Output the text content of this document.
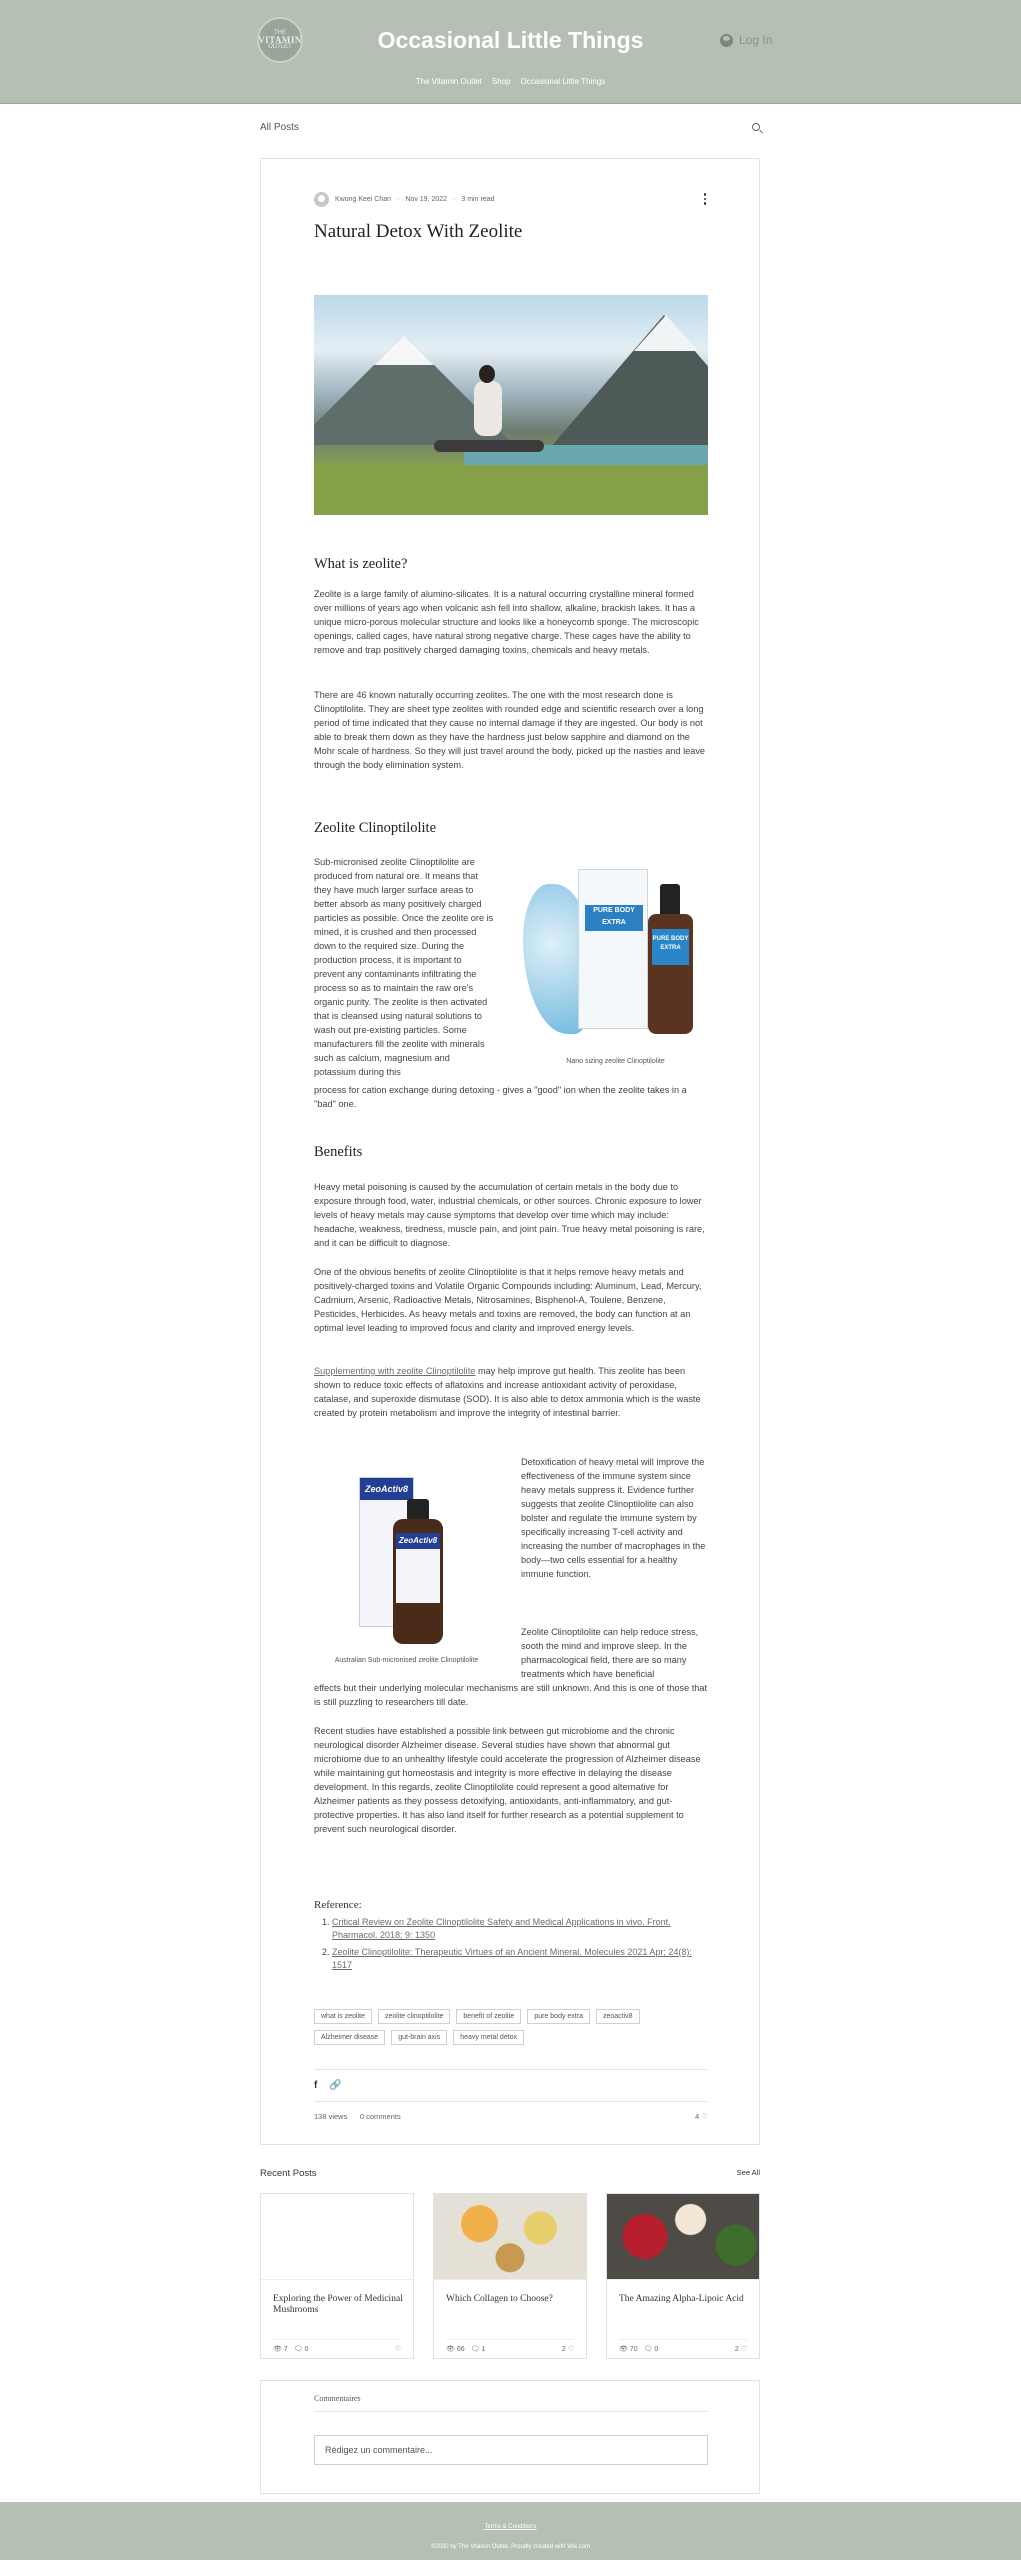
THE
VITAMIN
OUTLET	Occasional Little Things	Log In
The Vitamin Outlet Shop Occasional Little Things
All Posts
Kwong Keei Chan · Nov 19, 2022 · 3 min read
Natural Detox With Zeolite
What is zeolite?

Zeolite is a large family of alumino-silicates. It is a natural occurring crystalline mineral formed over millions of years ago when volcanic ash fell into shallow, alkaline, brackish lakes. It has a unique micro-porous molecular structure and looks like a honeycomb sponge. The microscopic openings, called cages, have natural strong negative charge. These cages have the ability to remove and trap positively charged damaging toxins, chemicals and heavy metals.

There are 46 known naturally occurring zeolites. The one with the most research done is Clinoptilolite. They are sheet type zeolites with rounded edge and scientific research over a long period of time indicated that they cause no internal damage if they are ingested. Our body is not able to break them down as they have the hardness just below sapphire and diamond on the Mohr scale of hardness. So they will just travel around the body, picked up the nasties and leave through the body elimination system.

Zeolite Clinoptilolite

Sub-micronised zeolite Clinoptilolite are produced from natural ore. It means that they have much larger surface areas to better absorb as many positively charged particles as possible. Once the zeolite ore is mined, it is crushed and then processed down to the required size. During the production process, it is important to prevent any contaminants infiltrating the process so as to maintain the raw ore's organic purity. The zeolite is then activated that is cleansed using natural solutions to wash out pre-existing particles. Some manufacturers fill the zeolite with minerals such as calcium, magnesium and potassium during this

process for cation exchange during detoxing - gives a "good" ion when the zeolite takes in a "bad" one.

PURE BODY EXTRA
PURE BODY EXTRA
Nano sizing zeolite Clinoptilolite
Benefits

Heavy metal poisoning is caused by the accumulation of certain metals in the body due to exposure through food, water, industrial chemicals, or other sources. Chronic exposure to lower levels of heavy metals may cause symptoms that develop over time which may include: headache, weakness, tiredness, muscle pain, and joint pain. True heavy metal poisoning is rare, and it can be difficult to diagnose.

One of the obvious benefits of zeolite Clinoptilolite is that it helps remove heavy metals and positively-charged toxins and Volatile Organic Compounds including: Aluminum, Lead, Mercury, Cadmium, Arsenic, Radioactive Metals, Nitrosamines, Bisphenol-A, Toulene, Benzene, Pesticides, Herbicides. As heavy metals and toxins are removed, the body can function at an optimal level leading to improved focus and clarity and improved energy levels.

Supplementing with zeolite Clinoptilolite may help improve gut health. This zeolite has been shown to reduce toxic effects of aflatoxins and increase antioxidant activity of peroxidase, catalase, and superoxide dismutase (SOD). It is also able to detox ammonia which is the waste created by protein metabolism and improve the integrity of intestinal barrier.

ZeoActiv8
ZeoActiv8
Australian Sub-micronised zeolite Clinoptilolite

Detoxification of heavy metal will improve the effectiveness of the immune system since heavy metals suppress it. Evidence further suggests that zeolite Clinoptilolite can also bolster and regulate the immune system by specifically increasing T-cell activity and increasing the number of macrophages in the body—two cells essential for a healthy immune function.

Zeolite Clinoptilolite can help reduce stress, sooth the mind and improve sleep. In the pharmacological field, there are so many treatments which have beneficial

effects but their underlying molecular mechanisms are still unknown. And this is one of those that is still puzzling to researchers till date.

Recent studies have established a possible link between gut microbiome and the chronic neurological disorder Alzheimer disease. Several studies have shown that abnormal gut microbiome due to an unhealthy lifestyle could accelerate the progression of Alzheimer disease while maintaining gut homeostasis and integrity is more effective in delaying the disease development. In this regards, zeolite Clinoptilolite could represent a good alternative for Alzheimer patients as they possess detoxifying, antioxidants, anti-inflammatory, and gut-protective properties. It has also land itself for further research as a potential supplement to prevent such neurological disorder.

Reference:
1. Critical Review on Zeolite Clinoptilolite Safety and Medical Applications in vivo. Front. Pharmacol. 2018; 9: 1350
2. Zeolite Clinoptilolite: Therapeutic Virtues of an Ancient Mineral. Molecules 2021 Apr; 24(8): 1517
what is zeolite	zeolite clinoptilolite	benefit of zeolite	pure body extra	zeoactiv8
Alzheimer disease	gut-brain axis	heavy metal detox
f 🔗
138 views 0 comments	4 ♡
Recent Posts	See All
Exploring the Power of Medicinal Mushrooms
👁 7 🗨 0	♡
Which Collagen to Choose?
👁 66 🗨 1	2 ♡
The Amazing Alpha-Lipoic Acid
👁 70 🗨 0	2 ♡
Commentaires
Rédigez un commentaire...
Terms & Conditions
©2020 by The Vitamin Outlet. Proudly created with Wix.com
